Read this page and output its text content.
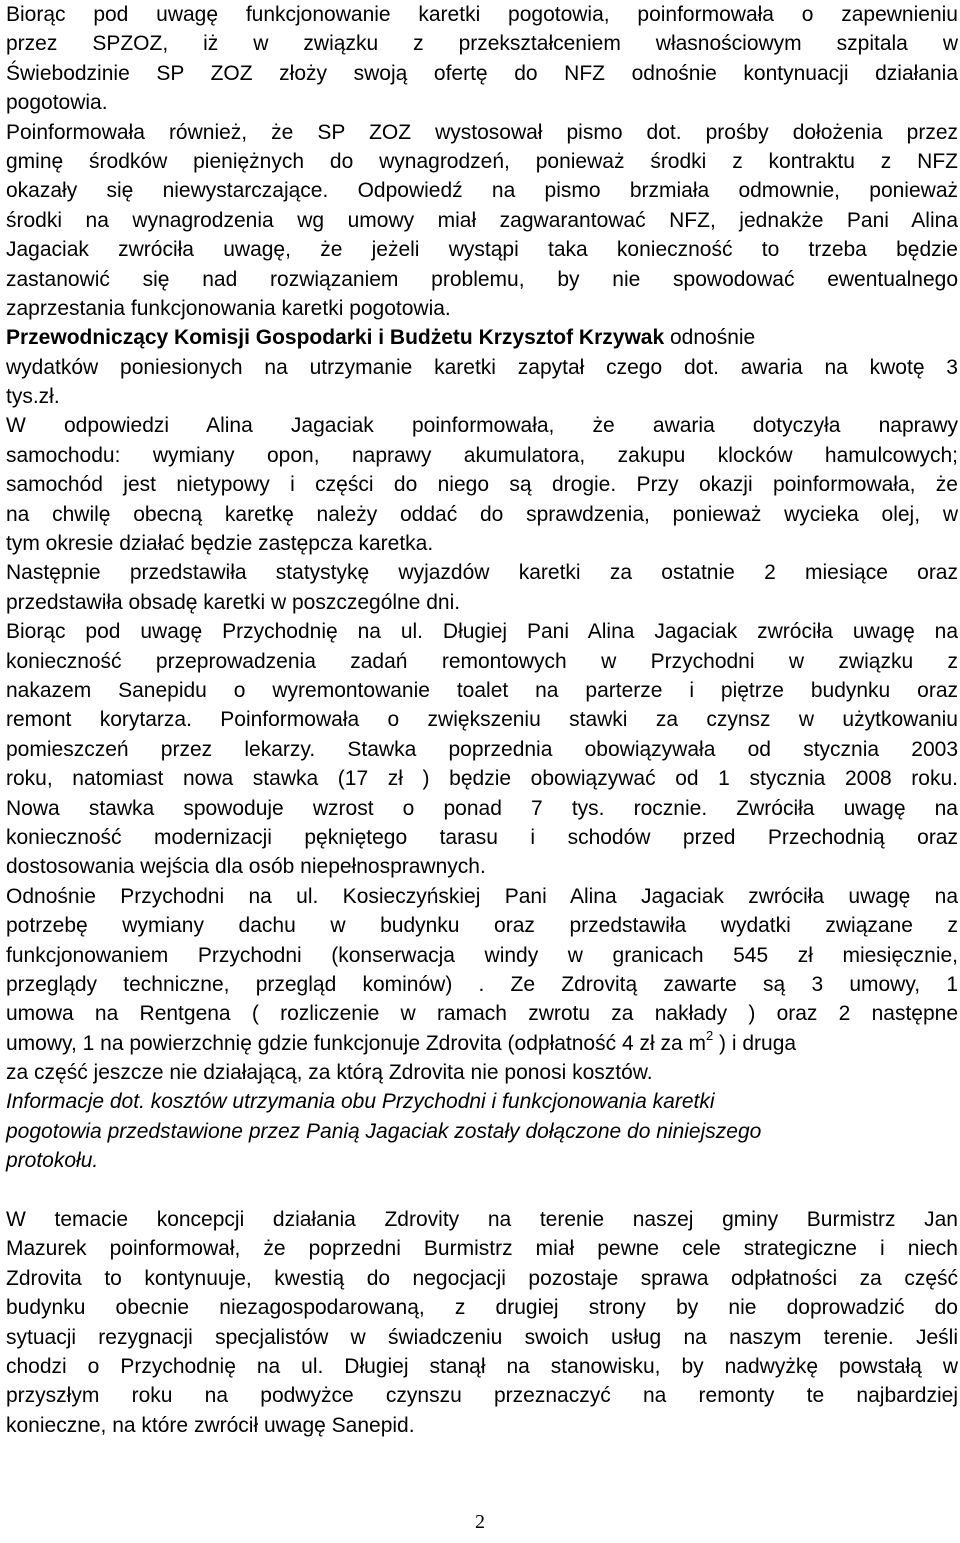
Biorąc pod uwagę funkcjonowanie karetki pogotowia, poinformowała o zapewnieniu
przez SPZOZ, iż w związku z przekształceniem własnościowym szpitala w
Świebodzinie SP ZOZ złoży swoją ofertę do NFZ odnośnie kontynuacji działania
pogotowia.
Poinformowała również, że SP ZOZ wystosował pismo dot. prośby dołożenia przez
gminę środków pieniężnych do wynagrodzeń, ponieważ środki z kontraktu z NFZ
okazały się niewystarczające. Odpowiedź na pismo brzmiała odmownie, ponieważ
środki na wynagrodzenia wg umowy miał zagwarantować NFZ, jednakże Pani Alina
Jagaciak zwróciła uwagę, że jeżeli wystąpi taka konieczność to trzeba będzie
zastanowić się nad rozwiązaniem problemu, by nie spowodować ewentualnego
zaprzestania funkcjonowania karetki pogotowia.
Przewodniczący Komisji Gospodarki i Budżetu Krzysztof Krzywak odnośnie
wydatków poniesionych na utrzymanie karetki zapytał czego dot. awaria na kwotę 3
tys.zł.
W odpowiedzi Alina Jagaciak poinformowała, że awaria dotyczyła naprawy
samochodu: wymiany opon, naprawy akumulatora, zakupu klocków hamulcowych;
samochód jest nietypowy i części do niego są drogie. Przy okazji poinformowała, że
na chwilę obecną karetkę należy oddać do sprawdzenia, ponieważ wycieka olej, w
tym okresie działać będzie zastępcza karetka.
Następnie przedstawiła statystykę wyjazdów karetki za ostatnie 2 miesiące oraz
przedstawiła obsadę karetki w poszczególne dni.
Biorąc pod uwagę Przychodnię na ul. Długiej Pani Alina Jagaciak zwróciła uwagę na
konieczność przeprowadzenia zadań remontowych w Przychodni w związku z
nakazem Sanepidu o wyremontowanie toalet na parterze i piętrze budynku oraz
remont korytarza. Poinformowała o zwiększeniu stawki za czynsz w użytkowaniu
pomieszczeń przez lekarzy. Stawka poprzednia obowiązywała od stycznia 2003
roku, natomiast nowa stawka (17 zł ) będzie obowiązywać od 1 stycznia 2008 roku.
Nowa stawka spowoduje wzrost o ponad 7 tys. rocznie. Zwróciła uwagę na
konieczność modernizacji pękniętego tarasu i schodów przed Przechodnią oraz
dostosowania wejścia dla osób niepełnosprawnych.
Odnośnie Przychodni na ul. Kosieczyńskiej Pani Alina Jagaciak zwróciła uwagę na
potrzebę wymiany dachu w budynku oraz przedstawiła wydatki związane z
funkcjonowaniem Przychodni (konserwacja windy w granicach 545 zł miesięcznie,
przeglądy techniczne, przegląd kominów) . Ze Zdrovitą zawarte są 3 umowy, 1
umowa na Rentgena ( rozliczenie w ramach zwrotu za nakłady ) oraz 2 następne
umowy, 1 na powierzchnię gdzie funkcjonuje Zdrovita (odpłatność 4 zł za $m^2$ ) i druga
za część jeszcze nie działającą, za którą Zdrovita nie ponosi kosztów.
Informacje dot. kosztów utrzymania obu Przychodni i funkcjonowania karetki
pogotowia przedstawione przez Panią Jagaciak zostały dołączone do niniejszego
protokołu.
W temacie koncepcji działania Zdrovity na terenie naszej gminy Burmistrz Jan
Mazurek poinformował, że poprzedni Burmistrz miał pewne cele strategiczne i niech
Zdrovita to kontynuuje, kwestią do negocjacji pozostaje sprawa odpłatności za część
budynku obecnie niezagospodarowaną, z drugiej strony by nie doprowadzić do
sytuacji rezygnacji specjalistów w świadczeniu swoich usług na naszym terenie. Jeśli
chodzi o Przychodnię na ul. Długiej stanął na stanowisku, by nadwyżkę powstałą w
przyszłym roku na podwyżce czynszu przeznaczyć na remonty te najbardziej
konieczne, na które zwrócił uwagę Sanepid.
2
